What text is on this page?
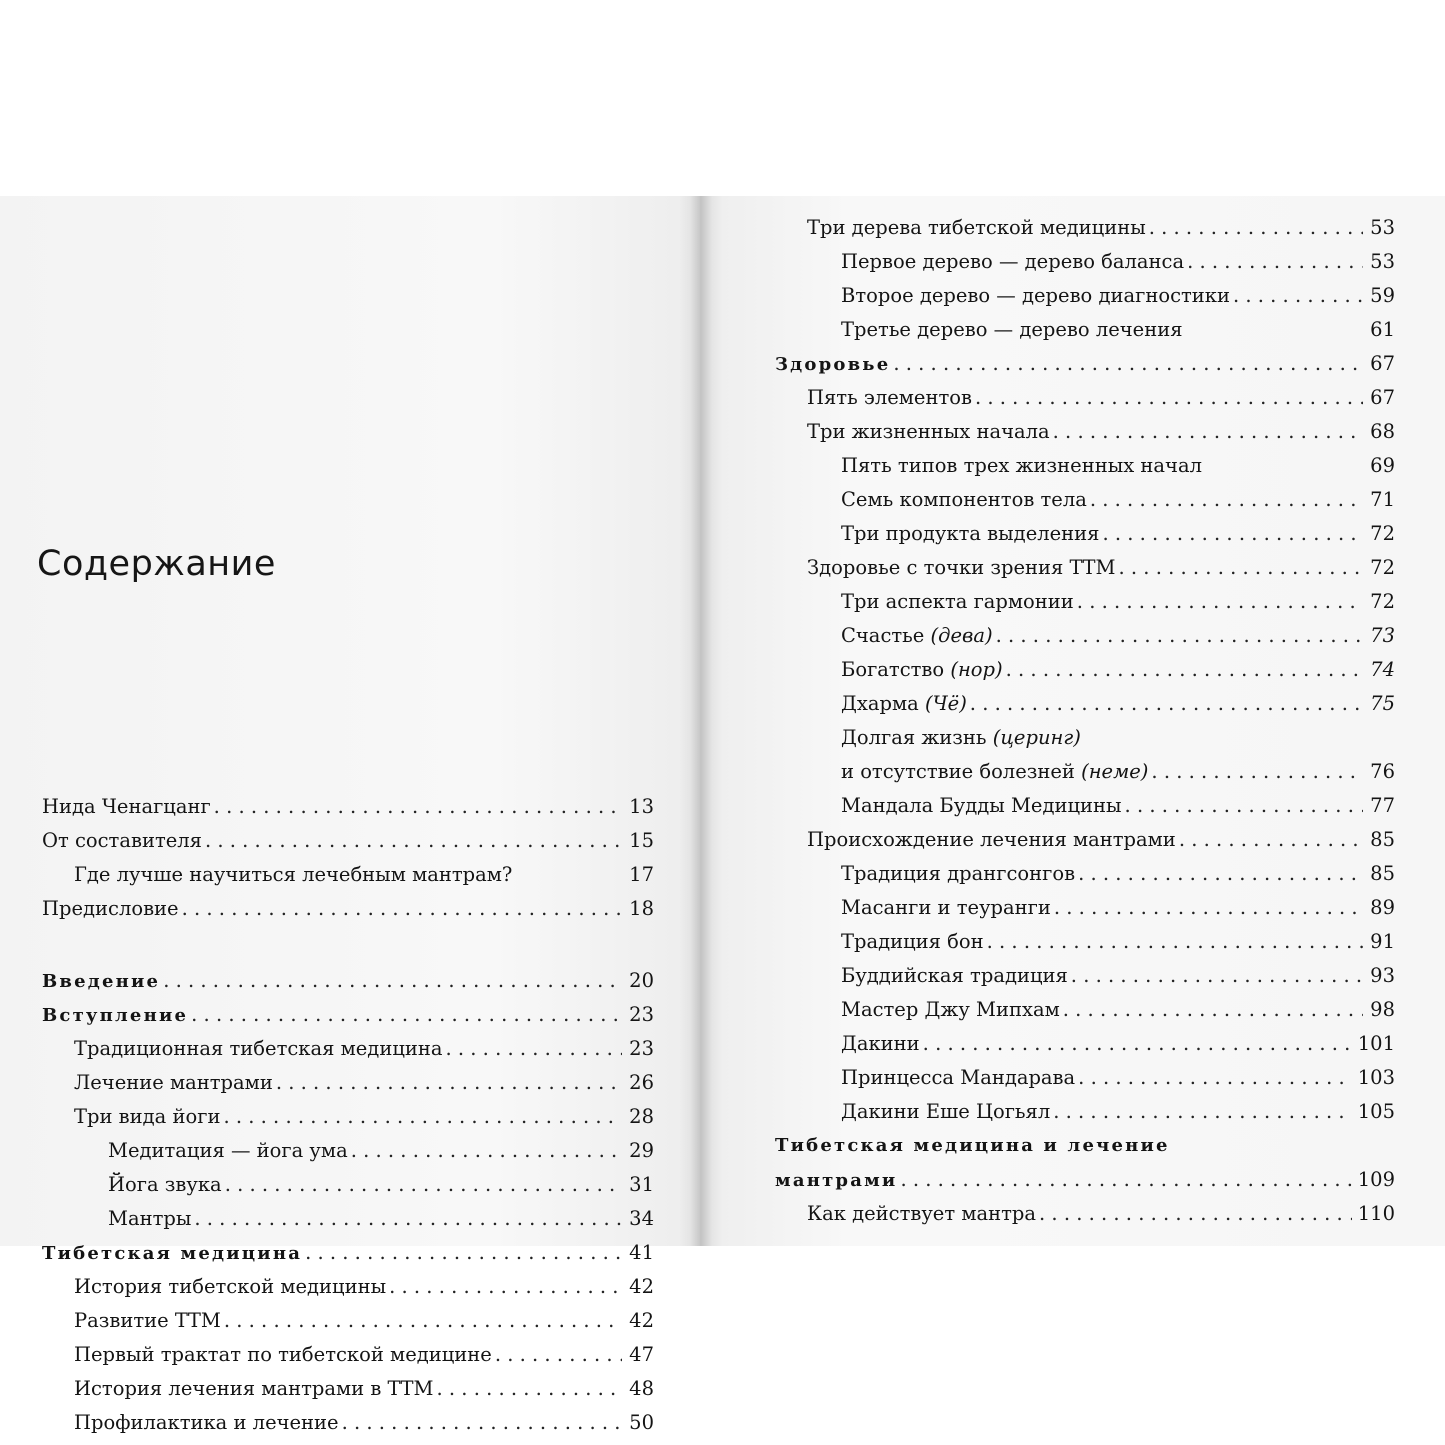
Содержание
Нида Ченагцанг . . .	13
От составителя . . .	15
Где лучше научиться лечебным мантрам?	17
Предисловие . . .	18
Введение . . .	20
Вступление . . .	23
Традиционная тибетская медицина . . .	23
Лечение мантрами . . .	26
Три вида йоги . . .	28
Медитация — йога ума . . .	29
Йога звука . . .	31
Мантры . . .	34
Тибетская медицина . . .	41
История тибетской медицины . . .	42
Развитие ТТМ . . .	42
Первый трактат по тибетской медицине . . .	47
История лечения мантрами в ТТМ . . .	48
Профилактика и лечение . . .	50
Три дерева тибетской медицины . . .	53
Первое дерево — дерево баланса . . .	53
Второе дерево — дерево диагностики . . .	59
Третье дерево — дерево лечения	61
Здоровье . . .	67
Пять элементов . . .	67
Три жизненных начала . . .	68
Пять типов трех жизненных начал	69
Семь компонентов тела . . .	71
Три продукта выделения . . .	72
Здоровье с точки зрения ТТМ . . .	72
Три аспекта гармонии . . .	72
Счастье (дева) . . .	73
Богатство (нор) . . .	74
Дхарма (Чё) . . .	75
Долгая жизнь (церинг)
и отсутствие болезней (неме) . . .	76
Мандала Будды Медицины . . .	77
Происхождение лечения мантрами . . .	85
Традиция дрангсонгов . . .	85
Масанги и теуранги . . .	89
Традиция бон . . .	91
Буддийская традиция . . .	93
Мастер Джу Мипхам . . .	98
Дакини . . .	101
Принцесса Мандарава . . .	103
Дакини Еше Цогьял . . .	105
Тибетская медицина и лечение
мантрами . . .	109
Как действует мантра . . .	110
